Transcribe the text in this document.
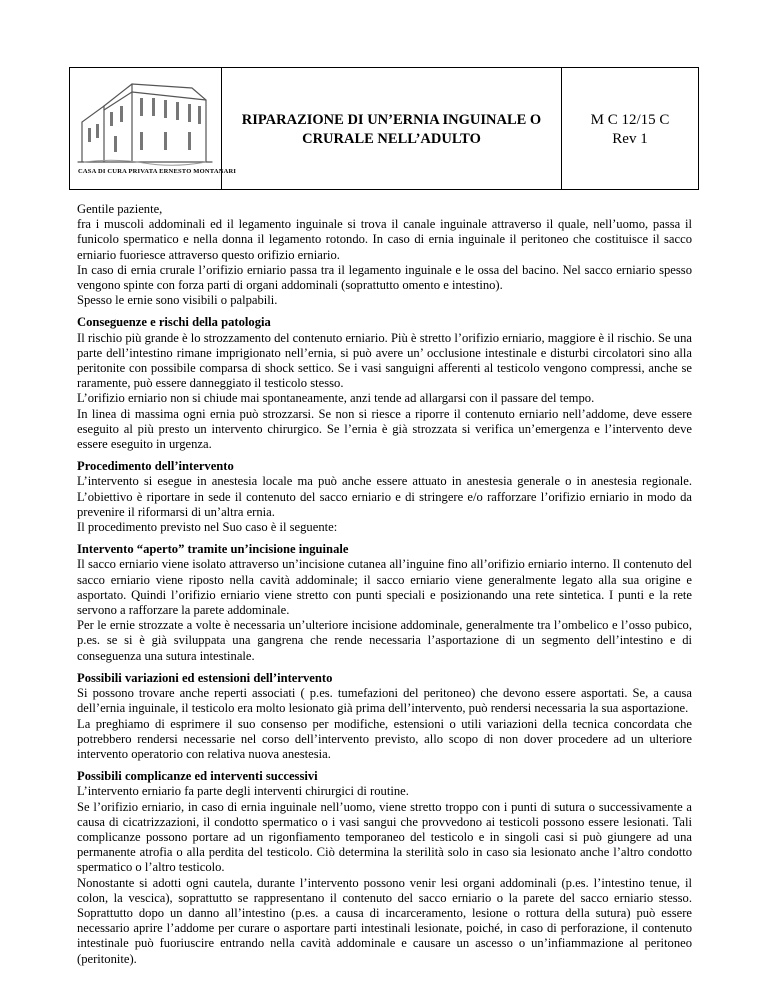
CASA DI CURA PRIVATA ERNESTO MONTANARI
RIPARAZIONE DI UN’ERNIA INGUINALE O
CRURALE NELL’ADULTO
M C 12/15 C
Rev 1

Gentile paziente,

fra i muscoli addominali ed il legamento inguinale si trova il canale inguinale attraverso il quale, nell’uomo, passa il funicolo spermatico e nella donna il legamento rotondo. In caso di ernia inguinale il peritoneo che costituisce il sacco erniario fuoriesce attraverso questo orifizio erniario.

In caso di ernia crurale l’orifizio erniario passa tra il legamento inguinale e le ossa del bacino. Nel sacco erniario spesso vengono spinte con forza parti di organi addominali (soprattutto omento e intestino).

Spesso le ernie sono visibili o palpabili.

Conseguenze e rischi della patologia

Il rischio più grande è lo strozzamento del contenuto erniario. Più è stretto l’orifizio erniario, maggiore è il rischio. Se una parte dell’intestino rimane imprigionato nell’ernia, si può avere un’ occlusione intestinale e disturbi circolatori sino alla peritonite con possibile comparsa di shock settico. Se i vasi sanguigni afferenti al testicolo vengono compressi, anche se raramente, può essere danneggiato il testicolo stesso.

L’orifizio erniario non si chiude mai spontaneamente, anzi tende ad allargarsi con il passare del tempo.

In linea di massima ogni ernia può strozzarsi. Se non si riesce a riporre il contenuto erniario nell’addome, deve essere eseguito al più presto un intervento chirurgico. Se l’ernia è già strozzata si verifica un’emergenza e l’intervento deve essere eseguito in urgenza.

Procedimento dell’intervento

L’intervento si esegue in anestesia locale ma può anche essere attuato in anestesia generale o in anestesia regionale. L’obiettivo è riportare in sede il contenuto del sacco erniario e di stringere e/o rafforzare l’orifizio erniario in modo da prevenire il riformarsi di un’altra ernia.

Il procedimento previsto nel Suo caso è il seguente:

Intervento “aperto” tramite un’incisione inguinale

Il sacco erniario viene isolato attraverso un’incisione cutanea all’inguine fino all’orifizio erniario interno. Il contenuto del sacco erniario viene riposto nella cavità addominale; il sacco erniario viene generalmente legato alla sua origine e asportato. Quindi l’orifizio erniario viene stretto con punti speciali e posizionando una rete sintetica. I punti e la rete servono a rafforzare la parete addominale.

Per le ernie strozzate a volte è necessaria un’ulteriore incisione addominale, generalmente tra l’ombelico e l’osso pubico, p.es. se si è già sviluppata una gangrena che rende necessaria l’asportazione di un segmento dell’intestino e di conseguenza una sutura intestinale.

Possibili variazioni ed estensioni dell’intervento

Si possono trovare anche reperti associati ( p.es. tumefazioni del peritoneo) che devono essere asportati. Se, a causa dell’ernia inguinale, il testicolo era molto lesionato già prima dell’intervento, può rendersi necessaria la sua asportazione.

La preghiamo di esprimere il suo consenso per modifiche, estensioni o utili variazioni della tecnica concordata che potrebbero rendersi necessarie nel corso dell’intervento previsto, allo scopo di non dover procedere ad un ulteriore intervento operatorio con relativa nuova anestesia.

Possibili complicanze ed interventi successivi

L’intervento erniario fa parte degli interventi chirurgici di routine.

Se l’orifizio erniario, in caso di ernia inguinale nell’uomo, viene stretto troppo con i punti di sutura o successivamente a causa di cicatrizzazioni, il condotto spermatico o i vasi sangui che provvedono ai testicoli possono essere lesionati. Tali complicanze possono portare ad un rigonfiamento temporaneo del testicolo e in singoli casi si può giungere ad una permanente atrofia o alla perdita del testicolo. Ciò determina la sterilità solo in caso sia lesionato anche l’altro condotto spermatico o l’altro testicolo.

Nonostante si adotti ogni cautela, durante l’intervento possono venir lesi organi addominali (p.es. l’intestino tenue, il colon, la vescica), soprattutto se rappresentano il contenuto del sacco erniario o la parete del sacco erniario stesso. Soprattutto dopo un danno all’intestino (p.es. a causa di incarceramento, lesione o rottura della sutura) può essere necessario aprire l’addome per curare o asportare parti intestinali lesionate, poiché, in caso di perforazione, il contenuto intestinale può fuoriuscire entrando nella cavità addominale e causare un ascesso o un’infiammazione al peritoneo (peritonite).
